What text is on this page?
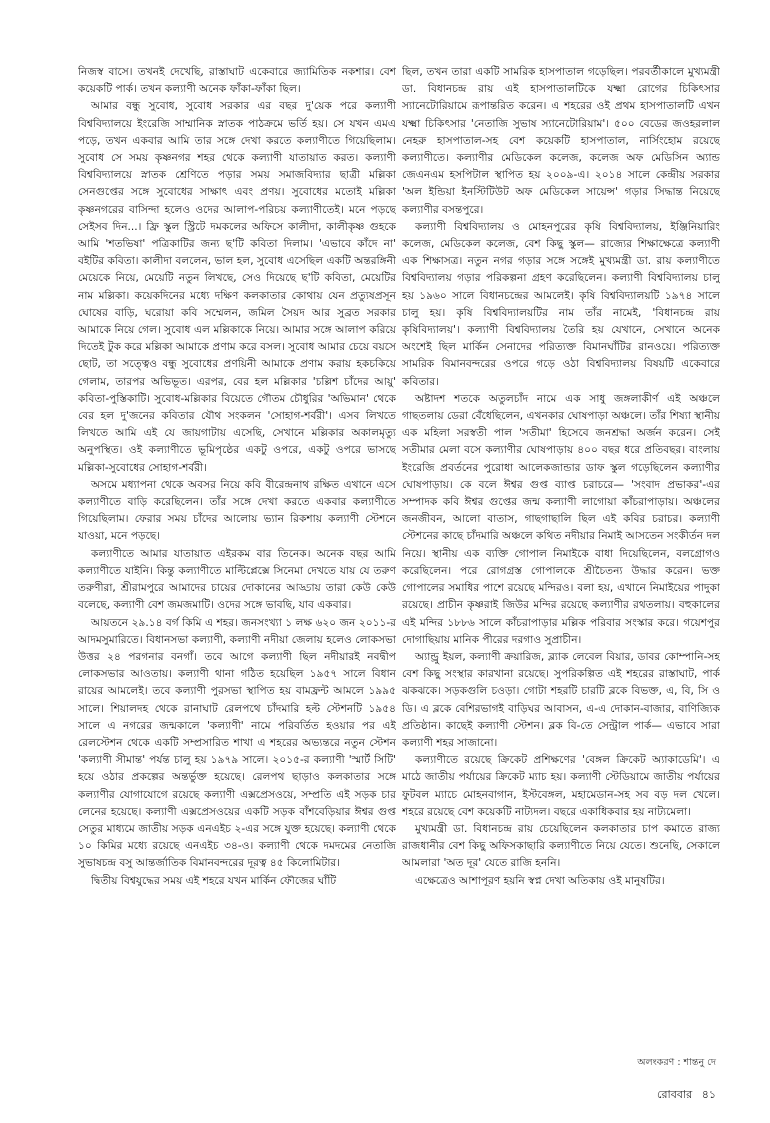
নিজস্ব বাসে। তখনই দেখেছি, রাস্তাঘাট একেবারে জ্যামিতিক নকশার। বেশ কয়েকটি পার্ক। তখন কল্যাণী অনেক ফাঁকা-ফাঁকা ছিল।

আমার বন্ধু সুবোধ, সুবোধ সরকার এর বছর দু'য়েক পরে কল্যাণী বিশ্ববিদ্যালয়ে ইংরেজি সাম্মানিক স্নাতক পাঠক্রমে ভর্তি হয়। সে যখন এমএ পড়ে, তখন একবার আমি তার সঙ্গে দেখা করতে কল্যাণীতে গিয়েছিলাম। সুবোধ সে সময় কৃষ্ণনগর শহর থেকে কল্যাণী যাতায়াত করত। কল্যাণী বিশ্ববিদ্যালয়ে স্নাতক শ্রেণিতে পড়ার সময় সমাজবিদ্যার ছাত্রী মল্লিকা সেনগুপ্তের সঙ্গে সুবোধের সাক্ষাৎ এবং প্রণয়। সুবোধের মতোই মল্লিকা কৃষ্ণনগরের বাসিন্দা হলেও ওদের আলাপ-পরিচয় কল্যাণীতেই। মনে পড়ছে সেইসব দিন...। ফ্রি স্কুল স্ট্রিটে দমকলের অফিসে কালীদা, কালীকৃষ্ণ গুহকে আমি 'শতভিষা' পত্রিকাটির জন্য ছ'টি কবিতা দিলাম। 'এভাবে কাঁদে না' বইটির কবিতা। কালীদা বললেন, ভাল হল, সুবোধ এসেছিল একটি অন্তরঙ্গিনী মেয়েকে নিয়ে, মেয়েটি নতুন লিখছে, সেও দিয়েছে ছ'টি কবিতা, মেয়েটির নাম মল্লিকা। কয়েকদিনের মধ্যে দক্ষিণ কলকাতার কোথায় যেন প্রত্যুষপ্রসূন ঘোষের বাড়ি, ঘরোয়া কবি সম্মেলন, জমিল সৈয়দ আর সুব্রত সরকার আমাকে নিয়ে গেল। সুবোধ এল মল্লিকাকে নিয়ে। আমার সঙ্গে আলাপ করিয়ে দিতেই টুক করে মল্লিকা আমাকে প্রণাম করে বসল। সুবোধ আমার চেয়ে বয়সে ছোট, তা সত্ত্বেও বন্ধু সুবোধের প্রণয়িনী আমাকে প্রণাম করায় হকচকিয়ে গেলাম, তারপর অভিভূত। এরপর, বের হল মল্লিকার 'চল্লিশ চাঁদের আয়ু' কবিতা-পুস্তিকাটি। সুবোধ-মল্লিকার বিয়েতে গৌতম চৌধুরির 'অভিমান' থেকে বের হল দু'জনের কবিতার যৌথ সংকলন 'সোহাগ-শর্বরী'। এসব লিখতে লিখতে আমি এই যে জায়গাটায় এসেছি, সেখানে মল্লিকার অকালমৃত্যু অনুপস্থিত। ওই কল্যাণীতে ভূমিপৃষ্ঠের একটু ওপরে, একটু ওপরে ভাসছে মল্লিকা-সুবোধের সোহাগ-শর্বরী।

অসমে মধ্যাপনা থেকে অবসর নিয়ে কবি বীরেন্দ্রনাথ রক্ষিত এখানে এসে কল্যাণীতে বাড়ি করেছিলেন। তাঁর সঙ্গে দেখা করতে একবার কল্যাণীতে গিয়েছিলাম। ফেরার সময় চাঁদের আলোয় ভ্যান রিকশায় কল্যাণী স্টেশনে যাওয়া, মনে পড়ছে।

কল্যাণীতে আমার যাতায়াত এইরকম বার তিনেক। অনেক বছর আমি কল্যাণীতে যাইনি। কিন্তু কল্যাণীতে মাল্টিপ্লেক্সে সিনেমা দেখতে যায় যে তরুণ তরুণীরা, শ্রীরামপুরে আমাদের চায়ের দোকানের আড্ডায় তারা কেউ কেউ বলেছে, কল্যাণী বেশ জমজমাটি। ওদের সঙ্গে ভাবছি, যাব একবার।

আয়তনে ২৯.১৪ বর্গ কিমি এ শহর। জনসংখ্যা ১ লক্ষ ৬২০ জন ২০১১-র আদমসুমারিতে। বিধানসভা কল্যাণী, কল্যাণী নদীয়া জেলায় হলেও লোকসভা উত্তর ২৪ পরগনার বনগাঁ। তবে আগে কল্যাণী ছিল নদীয়ারই নবদ্বীপ লোকসভার আওতায়। কল্যাণী থানা গঠিত হয়েছিল ১৯৫৭ সালে বিধান রায়ের আমলেই। তবে কল্যাণী পুরসভা স্থাপিত হয় বামফ্রন্ট আমলে ১৯৯৫ সালে। শিয়ালদহ থেকে রানাঘাট রেলপথে চাঁদমারি হল্ট স্টেশনটি ১৯৫৪ সালে এ নগরের জন্মকালে 'কল্যাণী' নামে পরিবর্তিত হওয়ার পর এই রেলস্টেশন থেকে একটি সম্প্রসারিত শাখা এ শহরের অভ্যন্তরে নতুন স্টেশন 'কল্যাণী সীমান্ত' পর্যন্ত চালু হয় ১৯৭৯ সালে। ২০১৫-র কল্যাণী 'স্মার্ট সিটি' হয়ে ওঠার প্রকল্পের অন্তর্ভুক্ত হয়েছে। রেলপথ ছাড়াও কলকাতার সঙ্গে কল্যাণীর যোগাযোগে রয়েছে কল্যাণী এক্সপ্রেসওয়ে, সম্প্রতি এই সড়ক চার লেনের হয়েছে। কল্যাণী এক্সপ্রেসওয়ের একটি সড়ক বাঁশবেড়িয়ার ঈশ্বর গুপ্ত সেতুর মাধ্যমে জাতীয় সড়ক এনএইচ ২-এর সঙ্গে যুক্ত হয়েছে। কল্যাণী থেকে ১০ কিমির মধ্যে রয়েছে এনএইচ ৩৪-ও। কল্যাণী থেকে দমদমের নেতাজি সুভাষচন্দ্র বসু আন্তর্জাতিক বিমানবন্দরের দূরত্ব ৪৫ কিলোমিটার।

দ্বিতীয় বিশ্বযুদ্ধের সময় এই শহরে যখন মার্কিন ফৌজের ঘাঁটি

ছিল, তখন তারা একটি সামরিক হাসপাতাল গড়েছিল। পরবর্তীকালে মুখ্যমন্ত্রী ডা. বিধানচন্দ্র রায় এই হাসপাতালটিকে যক্ষ্মা রোগের চিকিৎসার স্যানেটোরিয়ামে রূপান্তরিত করেন। এ শহরের ওই প্রথম হাসপাতালটি এখন যক্ষ্মা চিকিৎসার 'নেতাজি সুভাষ স্যানেটোরিয়াম'। ৫০০ বেডের জওহরলাল নেহরু হাসপাতাল-সহ বেশ কয়েকটি হাসপাতাল, নার্সিংহোম রয়েছে কল্যাণীতে। কল্যাণীর মেডিকেল কলেজ, কলেজ অফ মেডিসিন অ্যান্ড জেএনএম হসপিটাল স্থাপিত হয় ২০০৯-এ। ২০১৪ সালে কেন্দ্রীয় সরকার 'অল ইন্ডিয়া ইনস্টিটিউট অফ মেডিকেল সায়েন্স' গড়ার সিদ্ধান্ত নিয়েছে কল্যাণীর বসন্তপুরে।

কল্যাণী বিশ্ববিদ্যালয় ও মোহনপুরের কৃষি বিশ্ববিদ্যালয়, ইঞ্জিনিয়ারিং কলেজ, মেডিকেল কলেজ, বেশ কিছু স্কুল— রাজ্যের শিক্ষাক্ষেত্রে কল্যাণী এক শিক্ষাসত্র। নতুন নগর গড়ার সঙ্গে সঙ্গেই মুখ্যমন্ত্রী ডা. রায় কল্যাণীতে বিশ্ববিদ্যালয় গড়ার পরিকল্পনা গ্রহণ করেছিলেন। কল্যাণী বিশ্ববিদ্যালয় চালু হয় ১৯৬০ সালে বিধানচন্দ্রের আমলেই। কৃষি বিশ্ববিদ্যালয়টি ১৯৭৪ সালে চালু হয়। কৃষি বিশ্ববিদ্যালয়টির নাম তাঁর নামেই, 'বিধানচন্দ্র রায় কৃষিবিদ্যালয়'। কল্যাণী বিশ্ববিদ্যালয় তৈরি হয় যেখানে, সেখানে অনেক অংশেই ছিল মার্কিন সেনাদের পরিত্যক্ত বিমানঘাঁটির রানওয়ে। পরিত্যক্ত সামরিক বিমানবন্দরের ওপরে গড়ে ওঠা বিশ্ববিদ্যালয় বিষয়টি একেবারে কবিতার।

অষ্টাদশ শতকে অতুলচাঁদ নামে এক সাধু জঙ্গলাকীর্ণ এই অঞ্চলে গাছতলায় ডেরা বেঁধেছিলেন, এখনকার ঘোষপাড়া অঞ্চলে। তাঁর শিষ্যা স্থানীয় এক মহিলা সরস্বতী পাল 'সতীমা' হিসেবে জনশ্রদ্ধা অর্জন করেন। সেই সতীমার মেলা বসে কল্যাণীর ঘোষপাড়ায় ৪০০ বছর ধরে প্রতিবছর। বাংলায় ইংরেজি প্রবর্তনের পুরোধা আলেকজান্ডার ডাফ স্কুল গড়েছিলেন কল্যাণীর ঘোষপাড়ায়। কে বলে ঈশ্বর গুপ্ত ব্যাপ্ত চরাচরে— 'সংবাদ প্রভাকর'-এর সম্পাদক কবি ঈশ্বর গুপ্তের জন্ম কল্যাণী লাগোয়া কাঁচরাপাড়ায়। অঞ্চলের জনজীবন, আলো বাতাস, গাছগাছালি ছিল এই কবির চরাচর। কল্যাণী স্টেশনের কাছে চাঁদমারি অঞ্চলে কথিত নদীয়ার নিমাই আসতেন সংকীর্তন দল নিয়ে। স্থানীয় এক ব্যক্তি গোপাল নিমাইকে বাধা দিয়েছিলেন, বলগ্রোগও করেছিলেন। পরে রোগগ্রস্ত গোপালকে শ্রীচৈতন্য উদ্ধার করেন। ভক্ত গোপালের সমাধির পাশে রয়েছে মন্দিরও। বলা হয়, এখানে নিমাইয়ের পাদুকা রয়েছে। প্রাচীন কৃষ্ণরাই জিউর মন্দির রয়েছে কল্যাণীর রথতলায়। বহুকালের এই মন্দির ১৮৮৬ সালে কাঁচরাপাড়ার মল্লিক পরিবার সংস্কার করে। গয়েশপুর দোগাছিয়ায় মানিক পীরের দরগাও সুপ্রাচীন।

অ্যান্ড্রু ইয়ল, কল্যাণী ক্রয়ারিজ, ব্ল্যাক লেবেল বিয়ার, ডাবর কোম্পানি-সহ বেশ কিছু সংস্থার কারখানা রয়েছে। সুপরিকল্পিত এই শহরের রাস্তাঘাট, পার্ক ঝকঝকে। সড়কগুলি চওড়া। গোটা শহরটি চারটি ব্লকে বিভক্ত, এ, বি, সি ও ডি। এ ব্লকে বেশিরভাগই বাড়িঘর আবাসন, এ-এ দোকান-বাজার, বাণিজ্যিক প্রতিষ্ঠান। কাছেই কল্যাণী স্টেশন। ব্লক বি-তে সেন্ট্রাল পার্ক— এভাবে সারা কল্যাণী শহর সাজানো।

কল্যাণীতে রয়েছে ক্রিকেট প্রশিক্ষণের 'বেঙ্গল ক্রিকেট অ্যাকাডেমি'। এ মাঠে জাতীয় পর্যায়ের ক্রিকেট ম্যাচ হয়। কল্যাণী স্টেডিয়ামে জাতীয় পর্যায়ের ফুটবল ম্যাচে মোহনবাগান, ইস্টবেঙ্গল, মহামেডান-সহ সব বড় দল খেলে। শহরে রয়েছে বেশ কয়েকটি নাট্যদল। বছরে একাধিকবার হয় নাট্যমেলা।

মুখ্যমন্ত্রী ডা. বিধানচন্দ্র রায় চেয়েছিলেন কলকাতার চাপ কমাতে রাজ্য রাজধানীর বেশ কিছু অফিসকাছারি কল্যাণীতে নিয়ে যেতে। শুনেছি, সেকালে আমলারা 'অত দূর' যেতে রাজি হননি।

এক্ষেত্রেও আশাপূরণ হয়নি স্বপ্ন দেখা অতিকায় ওই মানুষটির।

অলংকরণ : শান্তনু দে
রোববার ৪১
